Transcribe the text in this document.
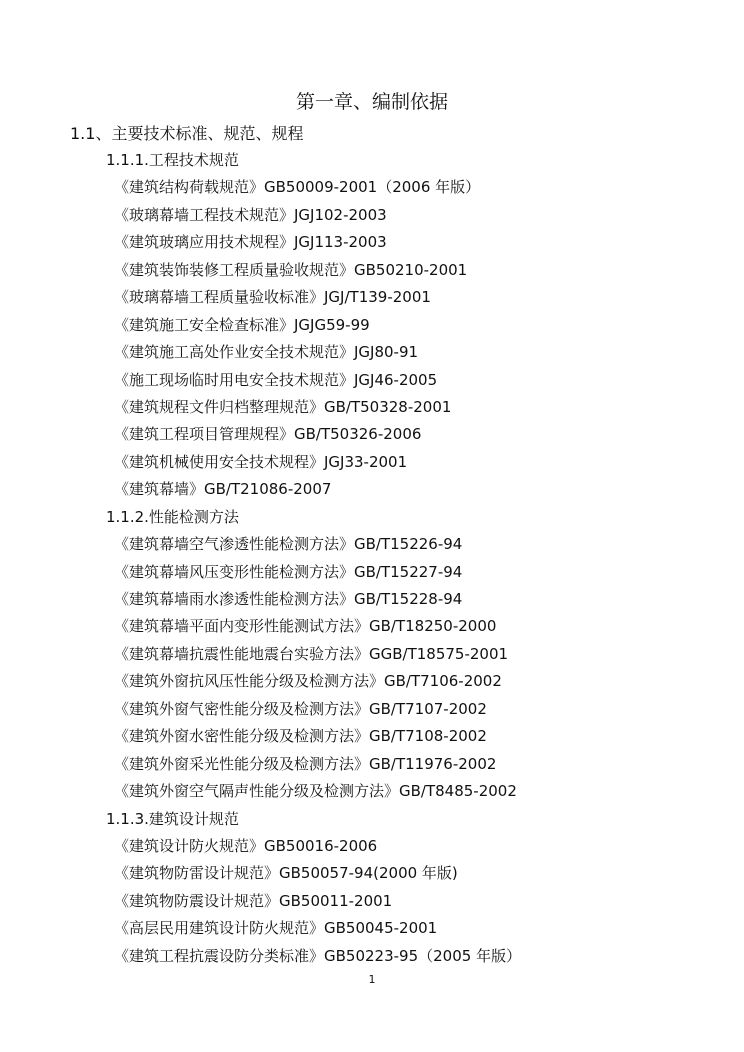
第一章、编制依据
1.1、主要技术标准、规范、规程
1.1.1.工程技术规范
《建筑结构荷载规范》GB50009-2001（2006 年版）
《玻璃幕墙工程技术规范》JGJ102-2003
《建筑玻璃应用技术规程》JGJ113-2003
《建筑装饰装修工程质量验收规范》GB50210-2001
《玻璃幕墙工程质量验收标准》JGJ/T139-2001
《建筑施工安全检查标准》JGJG59-99
《建筑施工高处作业安全技术规范》JGJ80-91
《施工现场临时用电安全技术规范》JGJ46-2005
《建筑规程文件归档整理规范》GB/T50328-2001
《建筑工程项目管理规程》GB/T50326-2006
《建筑机械使用安全技术规程》JGJ33-2001
《建筑幕墙》GB/T21086-2007
1.1.2.性能检测方法
《建筑幕墙空气渗透性能检测方法》GB/T15226-94
《建筑幕墙风压变形性能检测方法》GB/T15227-94
《建筑幕墙雨水渗透性能检测方法》GB/T15228-94
《建筑幕墙平面内变形性能测试方法》GB/T18250-2000
《建筑幕墙抗震性能地震台实验方法》GGB/T18575-2001
《建筑外窗抗风压性能分级及检测方法》GB/T7106-2002
《建筑外窗气密性能分级及检测方法》GB/T7107-2002
《建筑外窗水密性能分级及检测方法》GB/T7108-2002
《建筑外窗采光性能分级及检测方法》GB/T11976-2002
《建筑外窗空气隔声性能分级及检测方法》GB/T8485-2002
1.1.3.建筑设计规范
《建筑设计防火规范》GB50016-2006
《建筑物防雷设计规范》GB50057-94(2000 年版)
《建筑物防震设计规范》GB50011-2001
《高层民用建筑设计防火规范》GB50045-2001
《建筑工程抗震设防分类标准》GB50223-95（2005 年版）
1
